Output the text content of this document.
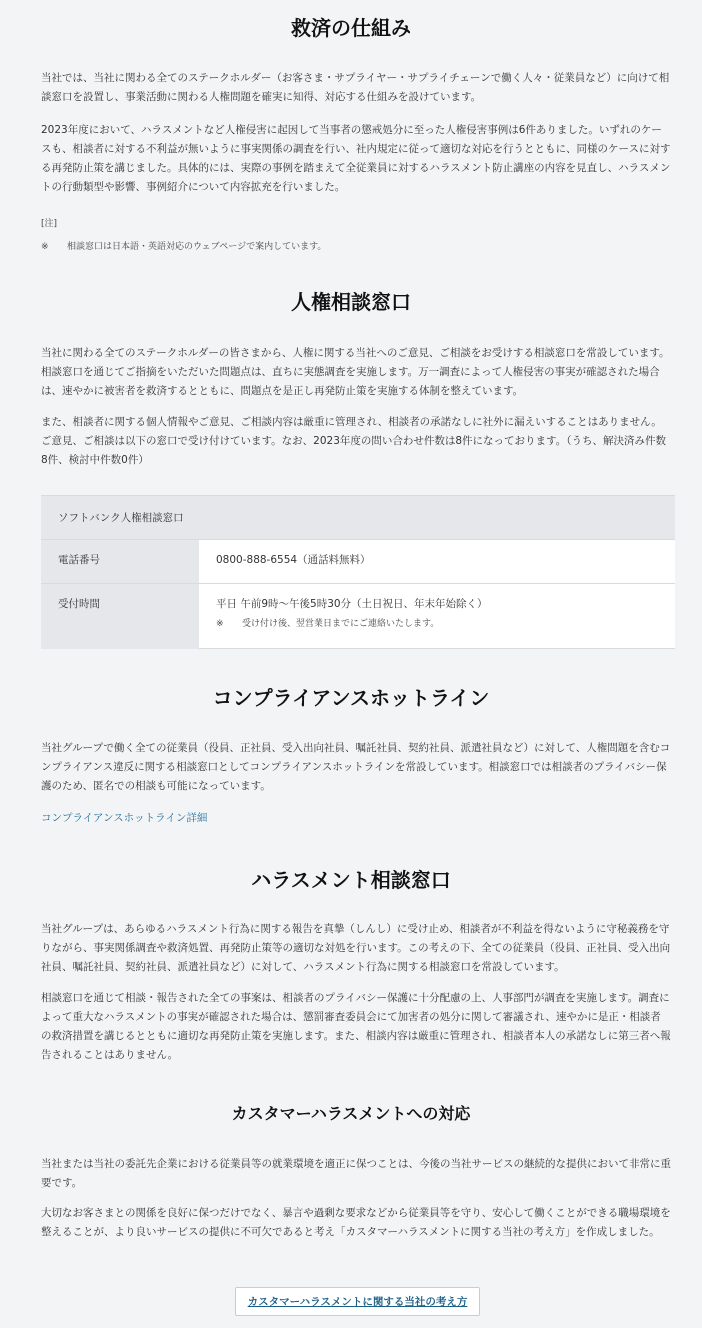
救済の仕組み

当社では、当社に関わる全てのステークホルダー（お客さま・サプライヤー・サプライチェーンで働く人々・従業員など）に向けて相談窓口を設置し、事業活動に関わる人権問題を確実に知得、対応する仕組みを設けています。

2023年度において、ハラスメントなど人権侵害に起因して当事者の懲戒処分に至った人権侵害事例は6件ありました。いずれのケースも、相談者に対する不利益が無いように事実関係の調査を行い、社内規定に従って適切な対応を行うとともに、同様のケースに対する再発防止策を講じました。具体的には、実際の事例を踏まえて全従業員に対するハラスメント防止講座の内容を見直し、ハラスメントの行動類型や影響、事例紹介について内容拡充を行いました。

[注]
※ 相談窓口は日本語・英語対応のウェブページで案内しています。
人権相談窓口

当社に関わる全てのステークホルダーの皆さまから、人権に関する当社へのご意見、ご相談をお受けする相談窓口を常設しています。相談窓口を通じてご指摘をいただいた問題点は、直ちに実態調査を実施します。万一調査によって人権侵害の事実が確認された場合は、速やかに被害者を救済するとともに、問題点を是正し再発防止策を実施する体制を整えています。

また、相談者に関する個人情報やご意見、ご相談内容は厳重に管理され、相談者の承諾なしに社外に漏えいすることはありません。ご意見、ご相談は以下の窓口で受け付けています。なお、2023年度の問い合わせ件数は8件になっております。（うち、解決済み件数8件、検討中件数0件）

ソフトバンク人権相談窓口	
電話番号	0800-888-6554（通話料無料）
受付時間	平日 午前9時～午後5時30分（土日祝日、年末年始除く）
※ 受け付け後、翌営業日までにご連絡いたします。
コンプライアンスホットライン

当社グループで働く全ての従業員（役員、正社員、受入出向社員、嘱託社員、契約社員、派遣社員など）に対して、人権問題を含むコンプライアンス違反に関する相談窓口としてコンプライアンスホットラインを常設しています。相談窓口では相談者のプライバシー保護のため、匿名での相談も可能になっています。

コンプライアンスホットライン詳細

ハラスメント相談窓口

当社グループは、あらゆるハラスメント行為に関する報告を真摯（しんし）に受け止め、相談者が不利益を得ないように守秘義務を守りながら、事実関係調査や救済処置、再発防止策等の適切な対処を行います。この考えの下、全ての従業員（役員、正社員、受入出向社員、嘱託社員、契約社員、派遣社員など）に対して、ハラスメント行為に関する相談窓口を常設しています。

相談窓口を通じて相談・報告された全ての事案は、相談者のプライバシー保護に十分配慮の上、人事部門が調査を実施します。調査によって重大なハラスメントの事実が確認された場合は、懲罰審査委員会にて加害者の処分に関して審議され、速やかに是正・相談者の救済措置を講じるとともに適切な再発防止策を実施します。また、相談内容は厳重に管理され、相談者本人の承諾なしに第三者へ報告されることはありません。

カスタマーハラスメントへの対応

当社または当社の委託先企業における従業員等の就業環境を適正に保つことは、今後の当社サービスの継続的な提供において非常に重要です。

大切なお客さまとの関係を良好に保つだけでなく、暴言や過剰な要求などから従業員等を守り、安心して働くことができる職場環境を整えることが、より良いサービスの提供に不可欠であると考え「カスタマーハラスメントに関する当社の考え方」を作成しました。

カスタマーハラスメントに関する当社の考え方
